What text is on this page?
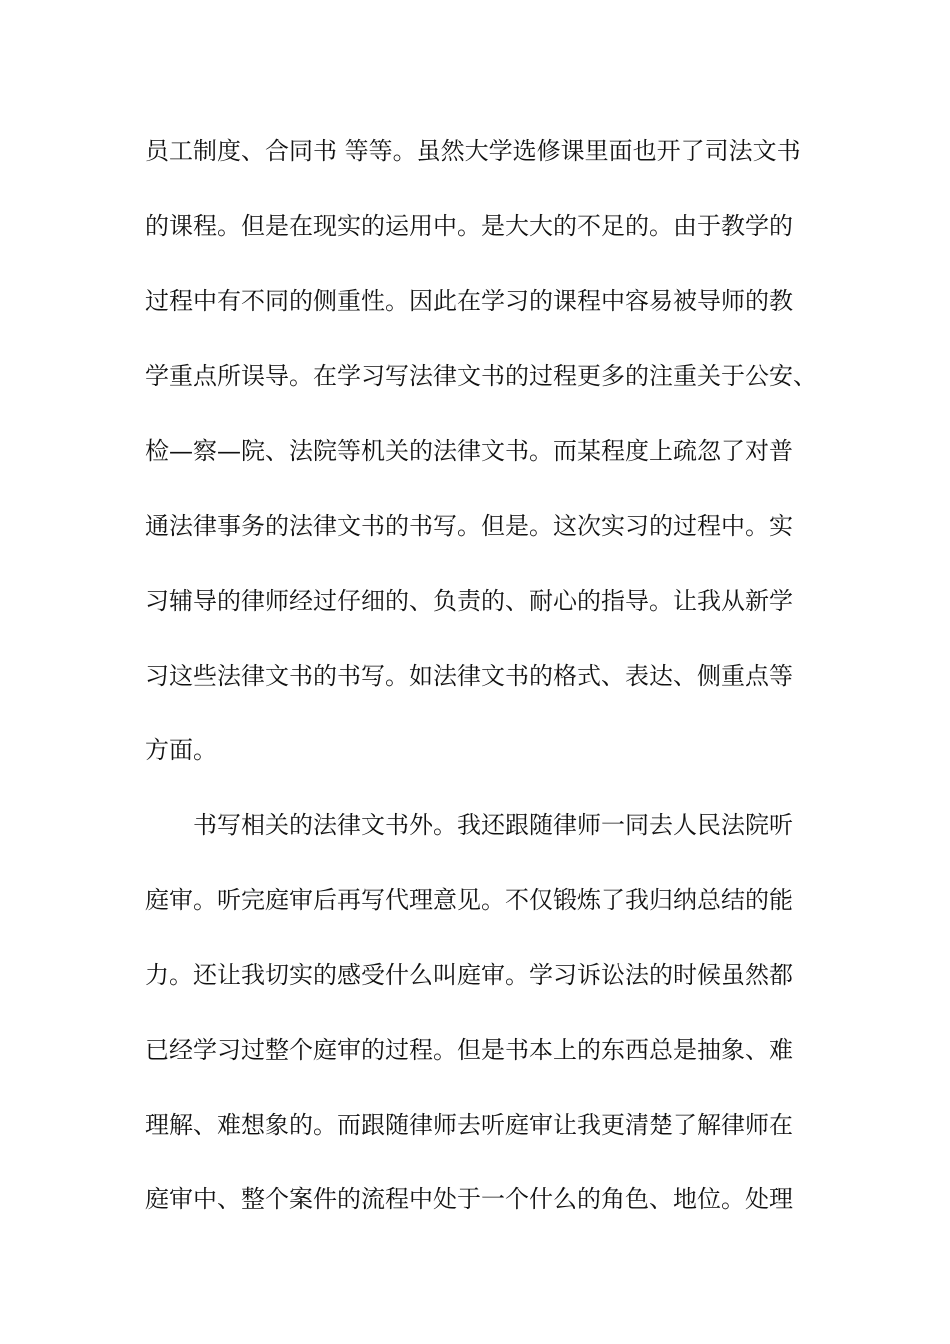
员工制度、合同书 等等。虽然大学选修课里面也开了司法文书

的课程。但是在现实的运用中。是大大的不足的。由于教学的

过程中有不同的侧重性。因此在学习的课程中容易被导师的教

学重点所误导。在学习写法律文书的过程更多的注重关于公安、

检—察—院、法院等机关的法律文书。而某程度上疏忽了对普

通法律事务的法律文书的书写。但是。这次实习的过程中。实

习辅导的律师经过仔细的、负责的、耐心的指导。让我从新学

习这些法律文书的书写。如法律文书的格式、表达、侧重点等

方面。

书写相关的法律文书外。我还跟随律师一同去人民法院听

庭审。听完庭审后再写代理意见。不仅锻炼了我归纳总结的能

力。还让我切实的感受什么叫庭审。学习诉讼法的时候虽然都

已经学习过整个庭审的过程。但是书本上的东西总是抽象、难

理解、难想象的。而跟随律师去听庭审让我更清楚了解律师在

庭审中、整个案件的流程中处于一个什么的角色、地位。处理
